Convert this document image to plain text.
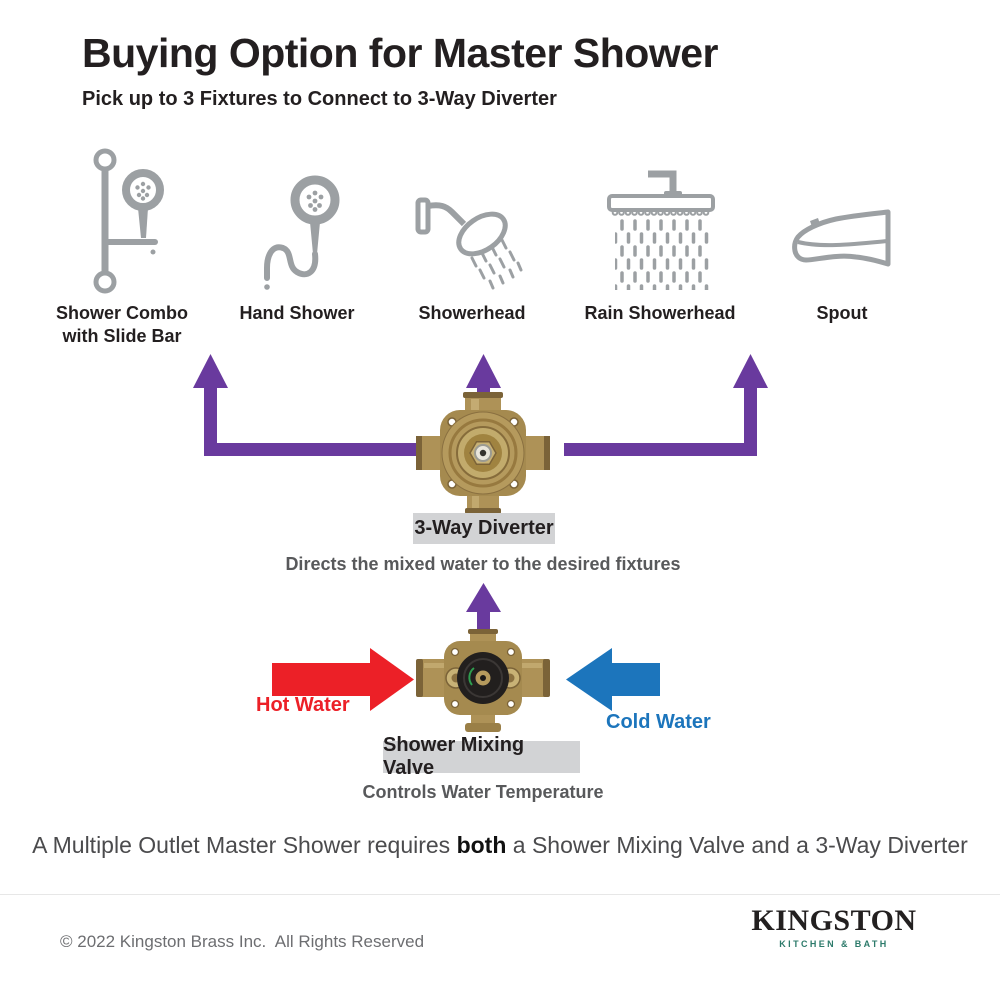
Buying Option for Master Shower
Pick up to 3 Fixtures to Connect to 3-Way Diverter
Shower Combo with Slide Bar
Hand Shower	Showerhead	Rain Showerhead	Spout
3-Way Diverter
Directs the mixed water to the desired fixtures
Hot Water
Cold Water
Shower Mixing Valve
Controls Water Temperature
A Multiple Outlet Master Shower requires both a Shower Mixing Valve and a 3-Way Diverter
© 2022 Kingston Brass Inc.  All Rights Reserved
KINGSTON
KITCHEN & BATH
